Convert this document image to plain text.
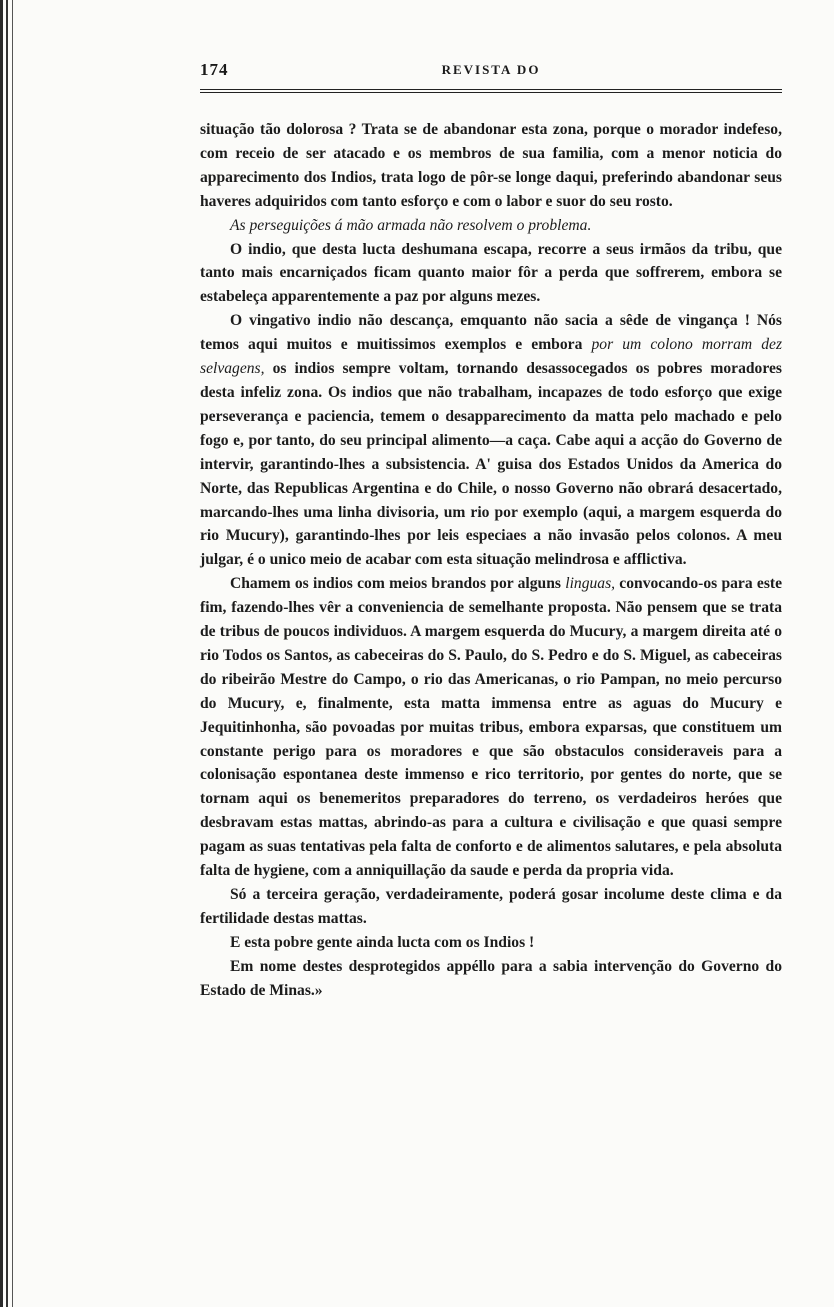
174	REVISTA DO

situação tão dolorosa ? Trata se de abandonar esta zona, porque o morador indefeso, com receio de ser atacado e os membros de sua familia, com a menor noticia do apparecimento dos Indios, trata logo de pôr-se longe daqui, preferindo abandonar seus haveres adquiridos com tanto esforço e com o labor e suor do seu rosto.

As perseguições á mão armada não resolvem o problema.

O indio, que desta lucta deshumana escapa, recorre a seus irmãos da tribu, que tanto mais encarniçados ficam quanto maior fôr a perda que soffrerem, embora se estabeleça apparentemente a paz por alguns mezes.

O vingativo indio não descança, emquanto não sacia a sêde de vingança ! Nós temos aqui muitos e muitissimos exemplos e embora por um colono morram dez selvagens, os indios sempre voltam, tornando desassocegados os pobres moradores desta infeliz zona. Os indios que não trabalham, incapazes de todo esforço que exige perseverança e paciencia, temem o desapparecimento da matta pelo machado e pelo fogo e, por tanto, do seu principal alimento—a caça. Cabe aqui a acção do Governo de intervir, garantindo-lhes a subsistencia. A' guisa dos Estados Unidos da America do Norte, das Republicas Argentina e do Chile, o nosso Governo não obrará desacertado, marcando-lhes uma linha divisoria, um rio por exemplo (aqui, a margem esquerda do rio Mucury), garantindo-lhes por leis especiaes a não invasão pelos colonos. A meu julgar, é o unico meio de acabar com esta situação melindrosa e afflictiva.

Chamem os indios com meios brandos por alguns linguas, convocando-os para este fim, fazendo-lhes vêr a conveniencia de semelhante proposta. Não pensem que se trata de tribus de poucos individuos. A margem esquerda do Mucury, a margem direita até o rio Todos os Santos, as cabeceiras do S. Paulo, do S. Pedro e do S. Miguel, as cabeceiras do ribeirão Mestre do Campo, o rio das Americanas, o rio Pampan, no meio percurso do Mucury, e, finalmente, esta matta immensa entre as aguas do Mucury e Jequitinhonha, são povoadas por muitas tribus, embora exparsas, que constituem um constante perigo para os moradores e que são obstaculos consideraveis para a colonisação espontanea deste immenso e rico territorio, por gentes do norte, que se tornam aqui os benemeritos preparadores do terreno, os verdadeiros heróes que desbravam estas mattas, abrindo-as para a cultura e civilisação e que quasi sempre pagam as suas tentativas pela falta de conforto e de alimentos salutares, e pela absoluta falta de hygiene, com a anniquillação da saude e perda da propria vida.

Só a terceira geração, verdadeiramente, poderá gosar incolume deste clima e da fertilidade destas mattas.

E esta pobre gente ainda lucta com os Indios !

Em nome destes desprotegidos appéllo para a sabia intervenção do Governo do Estado de Minas.»
